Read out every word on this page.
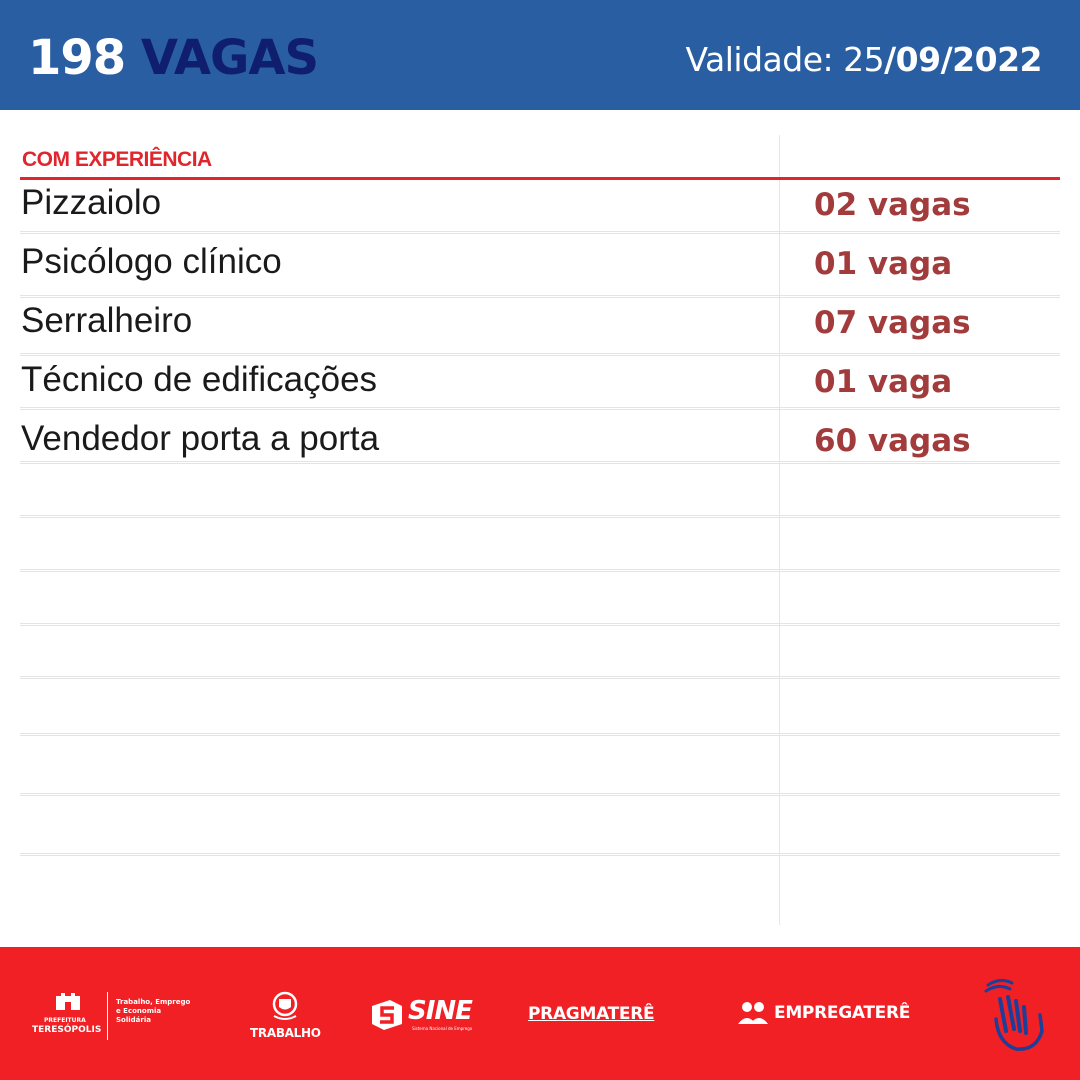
198 VAGAS	Validade: 25/09/2022
COM EXPERIÊNCIA
Pizzaiolo	02 vagas
Psicólogo clínico	01 vaga
Serralheiro	07 vagas
Técnico de edificações	01 vaga
Vendedor porta a porta	60 vagas
PREFEITURA
TERESÓPOLIS
Trabalho, Emprego
e Economia
Solidária
TRABALHO
SINE
Sistema Nacional de Emprego
PRAGMATERÊ	EMPREGATERÊ
